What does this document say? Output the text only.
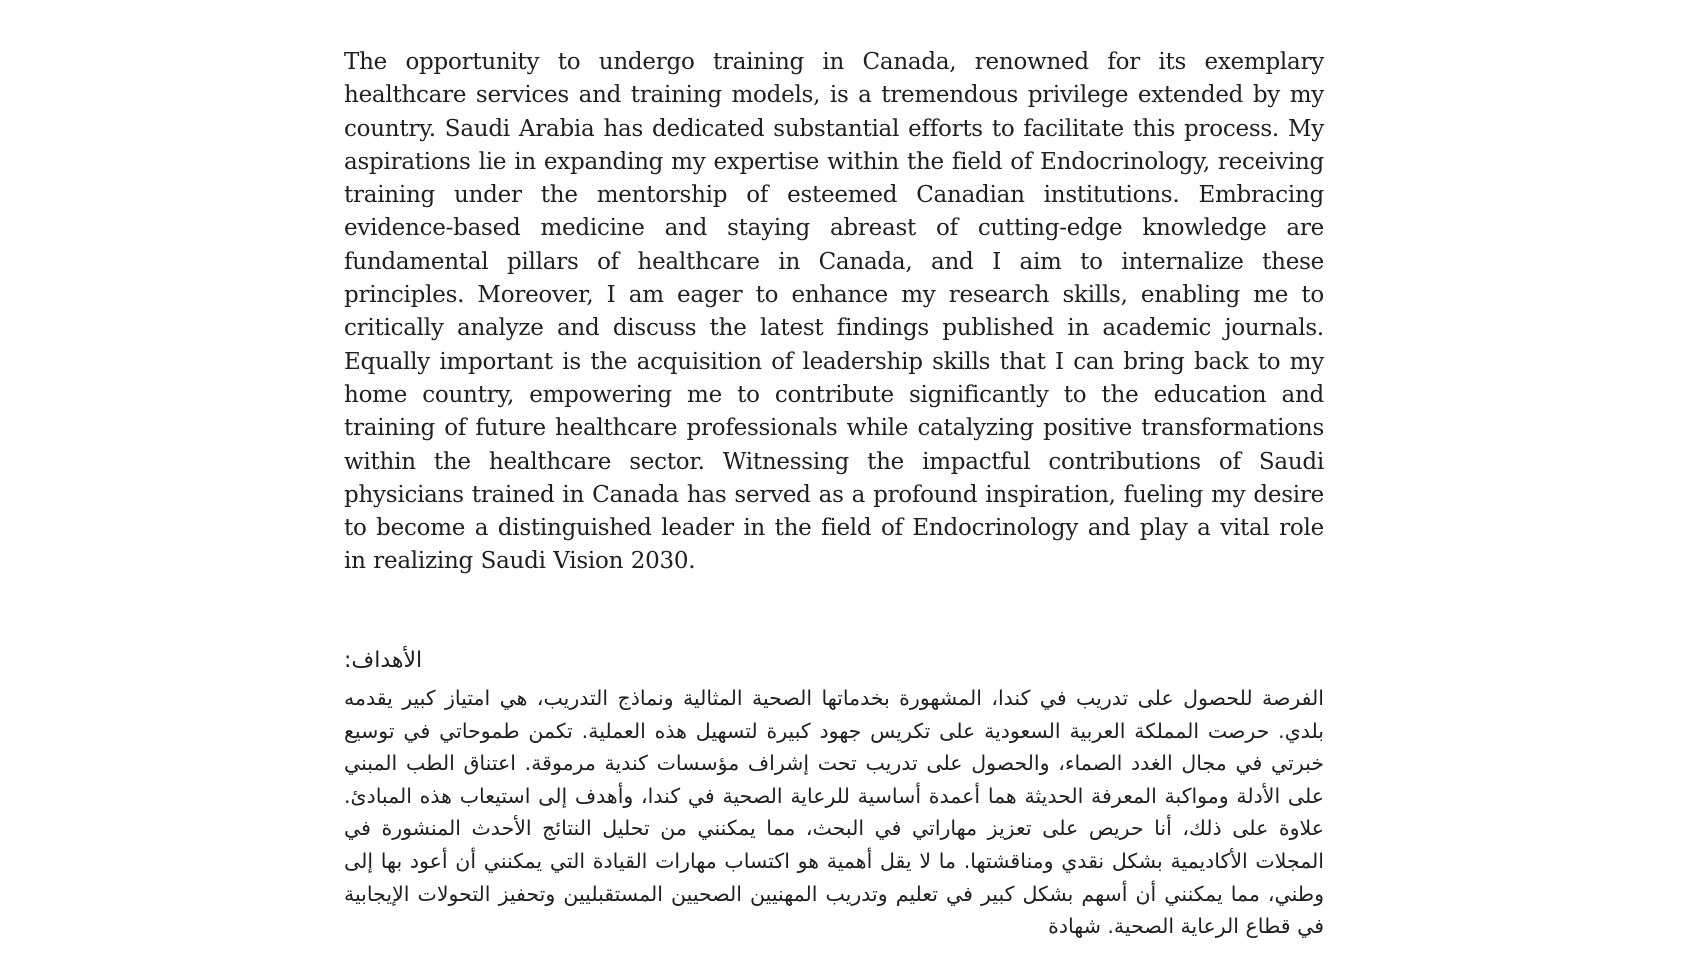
The opportunity to undergo training in Canada, renowned for its exemplary healthcare services and training models, is a tremendous privilege extended by my country. Saudi Arabia has dedicated substantial efforts to facilitate this process. My aspirations lie in expanding my expertise within the field of Endocrinology, receiving training under the mentorship of esteemed Canadian institutions. Embracing evidence-based medicine and staying abreast of cutting-edge knowledge are fundamental pillars of healthcare in Canada, and I aim to internalize these principles. Moreover, I am eager to enhance my research skills, enabling me to critically analyze and discuss the latest findings published in academic journals. Equally important is the acquisition of leadership skills that I can bring back to my home country, empowering me to contribute significantly to the education and training of future healthcare professionals while catalyzing positive transformations within the healthcare sector. Witnessing the impactful contributions of Saudi physicians trained in Canada has served as a profound inspiration, fueling my desire to become a distinguished leader in the field of Endocrinology and play a vital role in realizing Saudi Vision 2030.

الأهداف:

الفرصة للحصول على تدريب في كندا، المشهورة بخدماتها الصحية المثالية ونماذج التدريب، هي امتياز كبير يقدمه بلدي. حرصت المملكة العربية السعودية على تكريس جهود كبيرة لتسهيل هذه العملية. تكمن طموحاتي في توسيع خبرتي في مجال الغدد الصماء، والحصول على تدريب تحت إشراف مؤسسات كندية مرموقة. اعتناق الطب المبني على الأدلة ومواكبة المعرفة الحديثة هما أعمدة أساسية للرعاية الصحية في كندا، وأهدف إلى استيعاب هذه المبادئ. علاوة على ذلك، أنا حريص على تعزيز مهاراتي في البحث، مما يمكنني من تحليل النتائج الأحدث المنشورة في المجلات الأكاديمية بشكل نقدي ومناقشتها. ما لا يقل أهمية هو اكتساب مهارات القيادة التي يمكنني أن أعود بها إلى وطني، مما يمكنني أن أسهم بشكل كبير في تعليم وتدريب المهنيين الصحيين المستقبليين وتحفيز التحولات الإيجابية في قطاع الرعاية الصحية. شهادة
